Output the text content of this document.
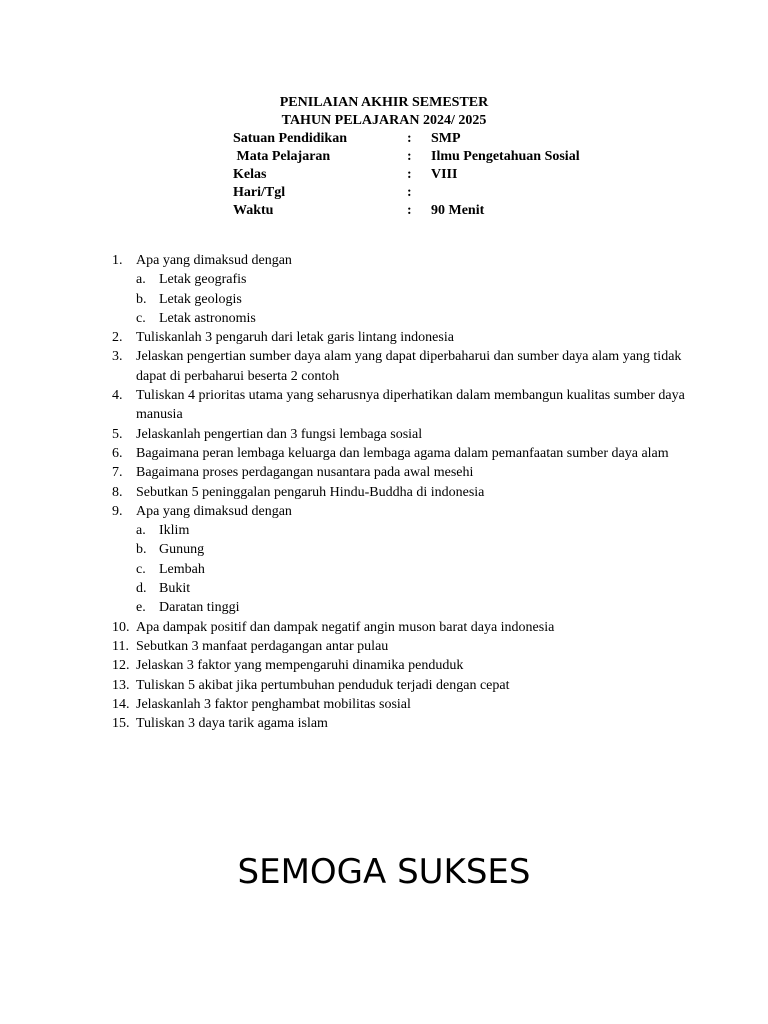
PENILAIAN AKHIR SEMESTER
TAHUN PELAJARAN 2024/ 2025
Satuan Pendidikan	: SMP
Mata Pelajaran	: Ilmu Pengetahuan Sosial
Kelas	: VIII
Hari/Tgl	:
Waktu	: 90 Menit
1. Apa yang dimaksud dengan
a. Letak geografis
b. Letak geologis
c. Letak astronomis
2. Tuliskanlah 3 pengaruh dari letak garis lintang indonesia
3. Jelaskan pengertian sumber daya alam yang dapat diperbaharui dan sumber daya alam yang tidak dapat di perbaharui beserta 2 contoh
4. Tuliskan 4 prioritas utama yang seharusnya diperhatikan dalam membangun kualitas sumber daya manusia
5. Jelaskanlah pengertian dan 3 fungsi lembaga sosial
6. Bagaimana peran lembaga keluarga dan lembaga agama dalam pemanfaatan sumber daya alam
7. Bagaimana proses perdagangan nusantara pada awal mesehi
8. Sebutkan 5 peninggalan pengaruh Hindu-Buddha di indonesia
9. Apa yang dimaksud dengan
a. Iklim
b. Gunung
c. Lembah
d. Bukit
e. Daratan tinggi
10. Apa dampak positif dan dampak negatif angin muson barat daya indonesia
11. Sebutkan 3 manfaat perdagangan antar pulau
12. Jelaskan 3 faktor yang mempengaruhi dinamika penduduk
13. Tuliskan 5 akibat jika pertumbuhan penduduk terjadi dengan cepat
14. Jelaskanlah 3 faktor penghambat mobilitas sosial
15. Tuliskan 3 daya tarik agama islam
SEMOGA SUKSES
